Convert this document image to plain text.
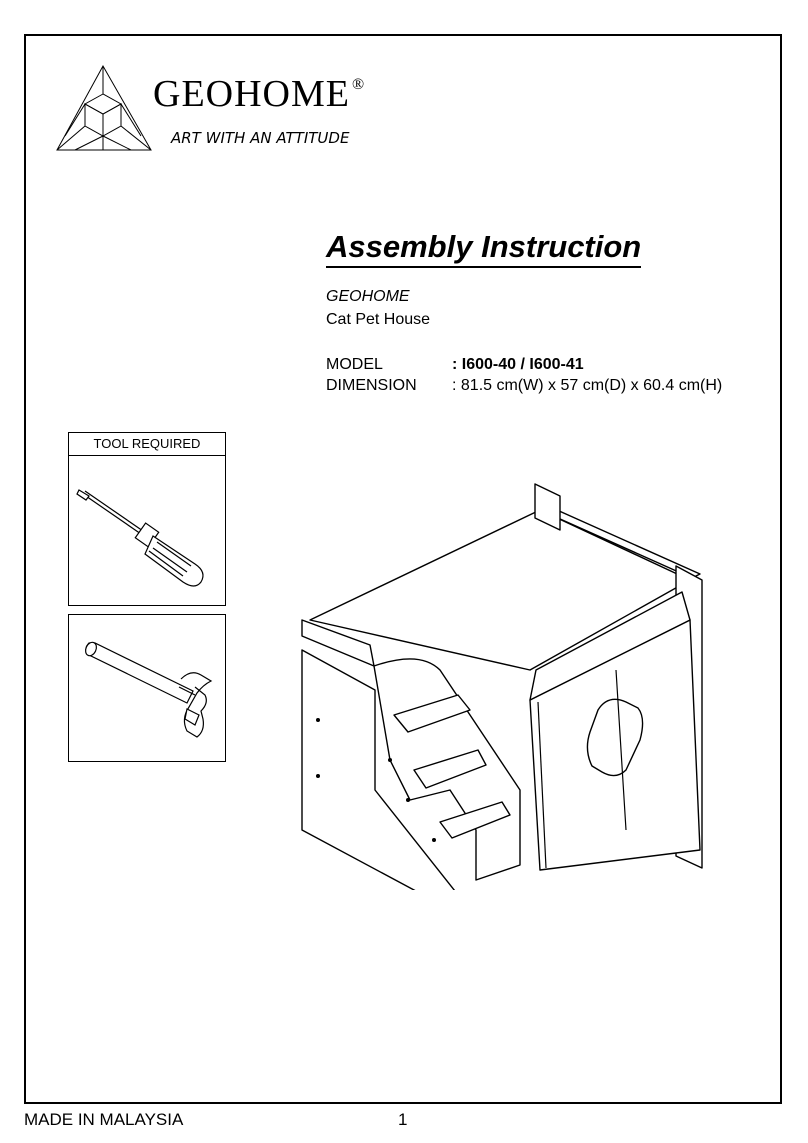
GEOHOME ®
ART WITH AN ATTITUDE
Assembly Instruction
GEOHOME
Cat Pet House
MODEL	: I600-40 / I600-41
DIMENSION : 81.5 cm(W) x 57 cm(D) x 60.4 cm(H)
TOOL REQUIRED
MADE IN MALAYSIA	1
